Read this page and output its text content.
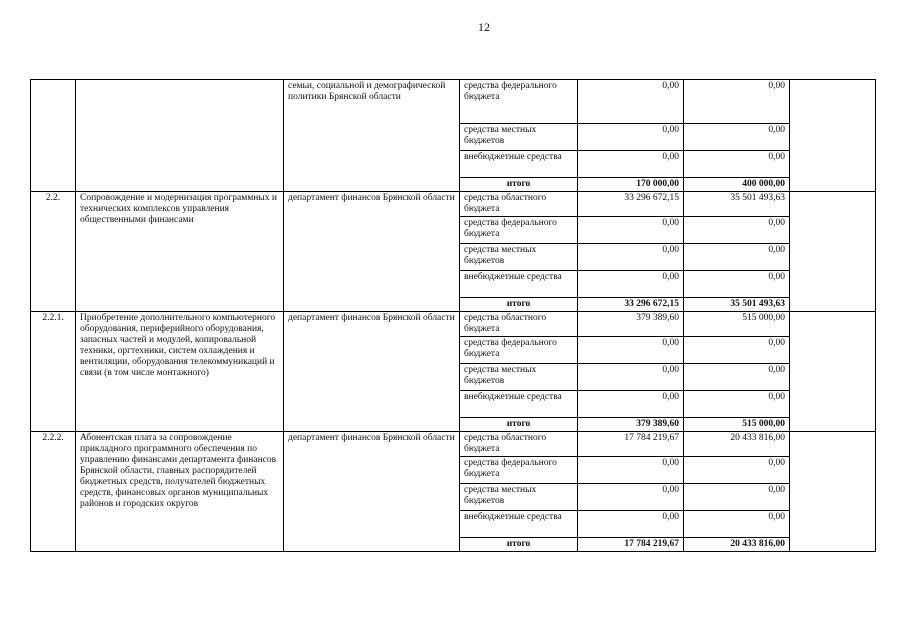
12
		семьи, социальной и демографической политики Брянской области	средства федерального бюджета	0,00	0,00	
			средства местных бюджетов	0,00	0,00	
			внебюджетные средства	0,00	0,00	
			итого	170 000,00	400 000,00	
2.2.	Сопровождение и модернизация программных и технических комплексов управления общественными финансами	департамент финансов Брянской области	средства областного бюджета	33 296 672,15	35 501 493,63	
			средства федерального бюджета	0,00	0,00	
			средства местных бюджетов	0,00	0,00	
			внебюджетные средства	0,00	0,00	
			итого	33 296 672,15	35 501 493,63	
2.2.1.	Приобретение дополнительного компьютерного оборудования, периферийного оборудования, запасных частей и модулей, копировальной техники, оргтехники, систем охлаждения и вентиляции, оборудования телекоммуникаций и связи (в том числе монтажного)	департамент финансов Брянской области	средства областного бюджета	379 389,60	515 000,00	
			средства федерального бюджета	0,00	0,00	
			средства местных бюджетов	0,00	0,00	
			внебюджетные средства	0,00	0,00	
			итого	379 389,60	515 000,00	
2.2.2.	Абонентская плата за сопровождение прикладного программного обеспечения по управлению финансами департамента финансов Брянской области, главных распорядителей бюджетных средств, получателей бюджетных средств, финансовых органов муниципальных районов и городских округов	департамент финансов Брянской области	средства областного бюджета	17 784 219,67	20 433 816,00	
			средства федерального бюджета	0,00	0,00	
			средства местных бюджетов	0,00	0,00	
			внебюджетные средства	0,00	0,00	
			итого	17 784 219,67	20 433 816,00	
